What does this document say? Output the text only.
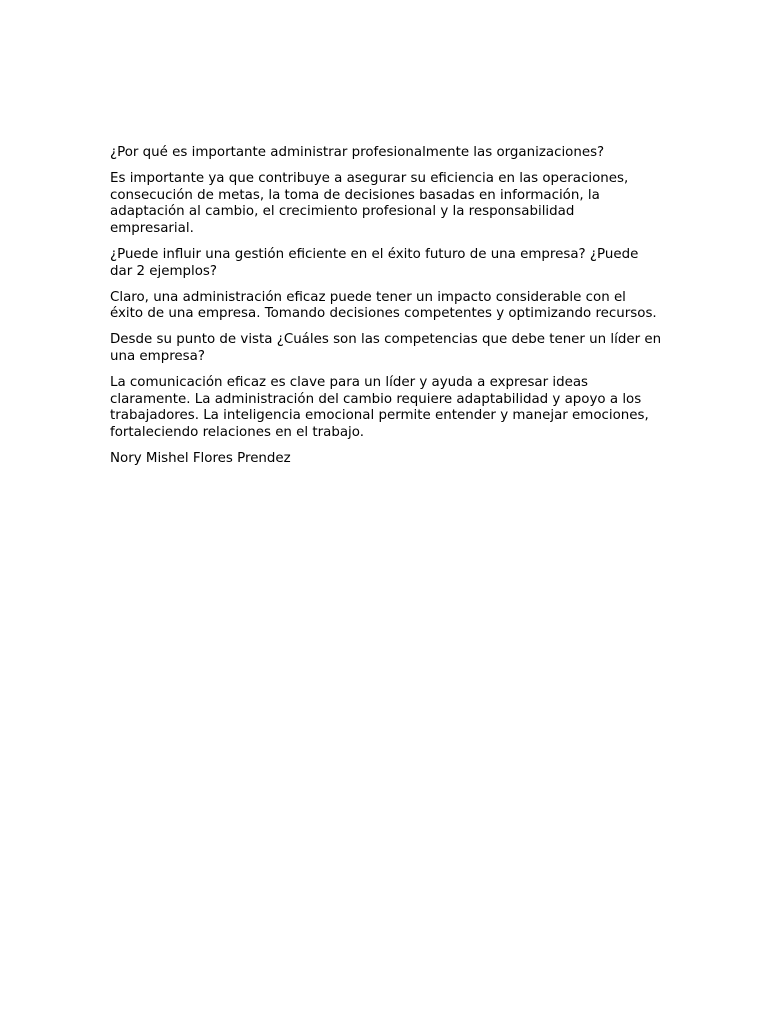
¿Por qué es importante administrar profesionalmente las organizaciones?

Es importante ya que contribuye a asegurar su eficiencia en las operaciones, consecución de metas, la toma de decisiones basadas en información, la adaptación al cambio, el crecimiento profesional y la responsabilidad empresarial.

¿Puede influir una gestión eficiente en el éxito futuro de una empresa? ¿Puede dar 2 ejemplos?

Claro, una administración eficaz puede tener un impacto considerable con el éxito de una empresa. Tomando decisiones competentes y optimizando recursos.

Desde su punto de vista ¿Cuáles son las competencias que debe tener un líder en una empresa?

La comunicación eficaz es clave para un líder y ayuda a expresar ideas claramente. La administración del cambio requiere adaptabilidad y apoyo a los trabajadores. La inteligencia emocional permite entender y manejar emociones, fortaleciendo relaciones en el trabajo.

Nory Mishel Flores Prendez
